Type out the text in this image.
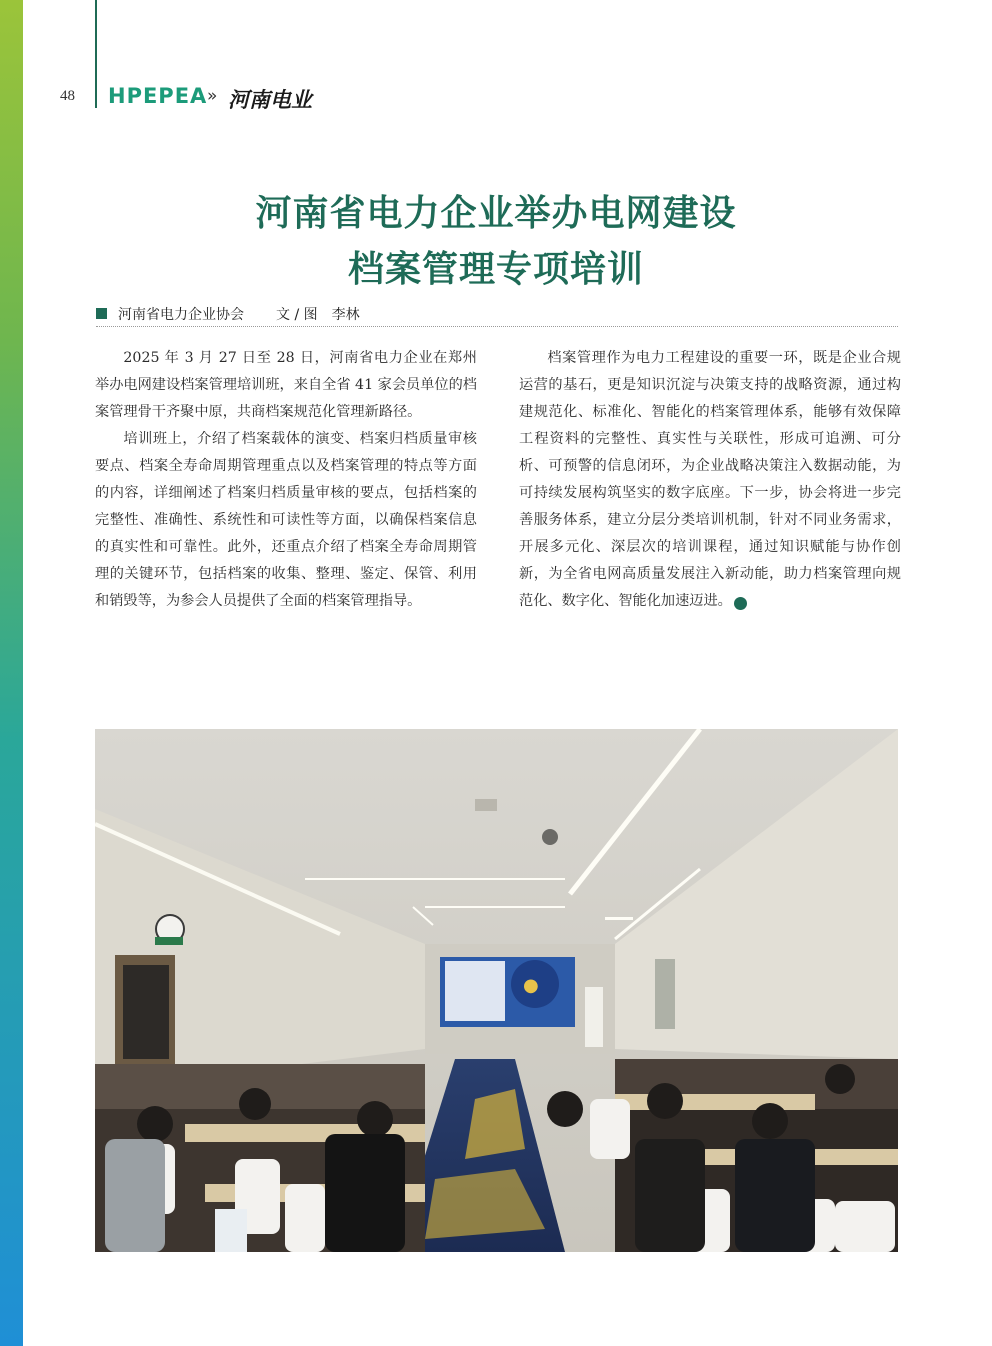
48 HPEPEA » 河南电业
河南省电力企业举办电网建设
档案管理专项培训
河南省电力企业协会 文 / 图　李林

2025 年 3 月 27 日至 28 日，河南省电力企业在郑州举办电网建设档案管理培训班，来自全省 41 家会员单位的档案管理骨干齐聚中原，共商档案规范化管理新路径。

培训班上，介绍了档案载体的演变、档案归档质量审核要点、档案全寿命周期管理重点以及档案管理的特点等方面的内容，详细阐述了档案归档质量审核的要点，包括档案的完整性、准确性、系统性和可读性等方面，以确保档案信息的真实性和可靠性。此外，还重点介绍了档案全寿命周期管理的关键环节，包括档案的收集、整理、鉴定、保管、利用和销毁等，为参会人员提供了全面的档案管理指导。

档案管理作为电力工程建设的重要一环，既是企业合规运营的基石，更是知识沉淀与决策支持的战略资源，通过构建规范化、标准化、智能化的档案管理体系，能够有效保障工程资料的完整性、真实性与关联性，形成可追溯、可分析、可预警的信息闭环，为企业战略决策注入数据动能，为可持续发展构筑坚实的数字底座。下一步，协会将进一步完善服务体系，建立分层分类培训机制，针对不同业务需求，开展多元化、深层次的培训课程，通过知识赋能与协作创新，为全省电网高质量发展注入新动能，助力档案管理向规范化、数字化、智能化加速迈进。	●

●
